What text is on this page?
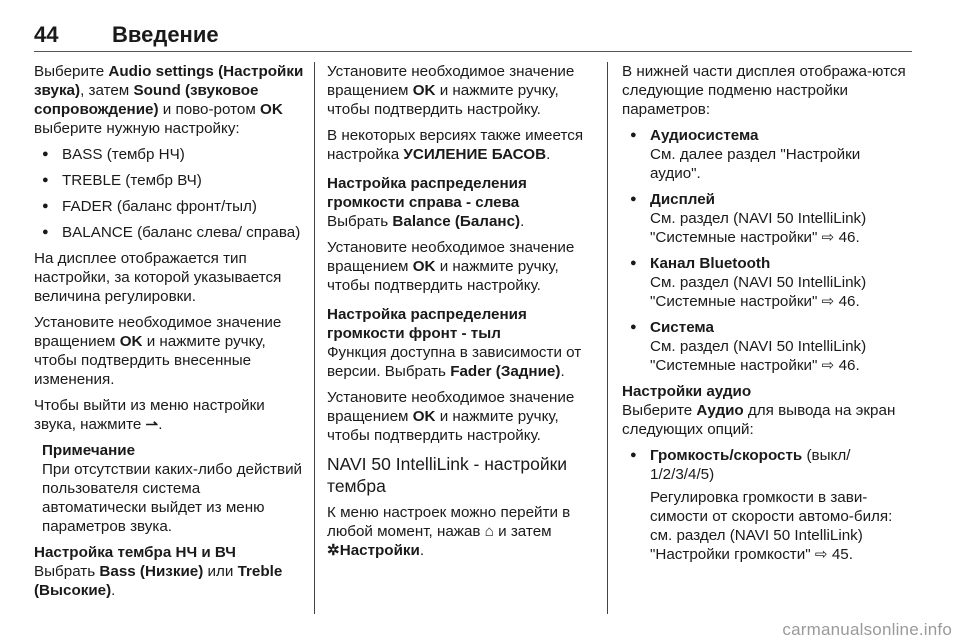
44 Введение

Выберите Audio settings (Настройки звука), затем Sound (звуковое сопровождение) и пово-ротом OK выберите нужную настройку:

● BASS (тембр НЧ)
● TREBLE (тембр ВЧ)
● FADER (баланс фронт/тыл)
● BALANCE (баланс слева/ справа)

На дисплее отображается тип настройки, за которой указывается величина регулировки.

Установите необходимое значение вращением OK и нажмите ручку, чтобы подтвердить внесенные изменения.

Чтобы выйти из меню настройки звука, нажмите ⇀.

Примечание
При отсутствии каких-либо действий пользователя система автоматически выйдет из меню параметров звука.
Настройка тембра НЧ и ВЧ

Выбрать Bass (Низкие) или Treble (Высокие).

Установите необходимое значение вращением OK и нажмите ручку, чтобы подтвердить настройку.

В некоторых версиях также имеется настройка УСИЛЕНИЕ БАСОВ.

Настройка распределения громкости справа - слева

Выбрать Balance (Баланс).

Установите необходимое значение вращением OK и нажмите ручку, чтобы подтвердить настройку.

Настройка распределения громкости фронт - тыл

Функция доступна в зависимости от версии. Выбрать Fader (Задние).

Установите необходимое значение вращением OK и нажмите ручку, чтобы подтвердить настройку.

NAVI 50 IntelliLink - настройки тембра

К меню настроек можно перейти в любой момент, нажав ⌂ и затем
✲Настройки.

В нижней части дисплея отобража-ются следующие подменю настройки параметров:

● Аудиосистема
См. далее раздел "Настройки аудио".
● Дисплей
См. раздел (NAVI 50 IntelliLink) "Системные настройки" ⇨ 46.
● Канал Bluetooth
См. раздел (NAVI 50 IntelliLink) "Системные настройки" ⇨ 46.
● Система
См. раздел (NAVI 50 IntelliLink) "Системные настройки" ⇨ 46.
Настройки аудио

Выберите Аудио для вывода на экран следующих опций:

● Громкость/скорость (выкл/ 1/2/3/4/5)
Регулировка громкости в зави-симости от скорости автомо-биля: см. раздел (NAVI 50 IntelliLink) "Настройки громкости" ⇨ 45.
carmanualsonline.info
